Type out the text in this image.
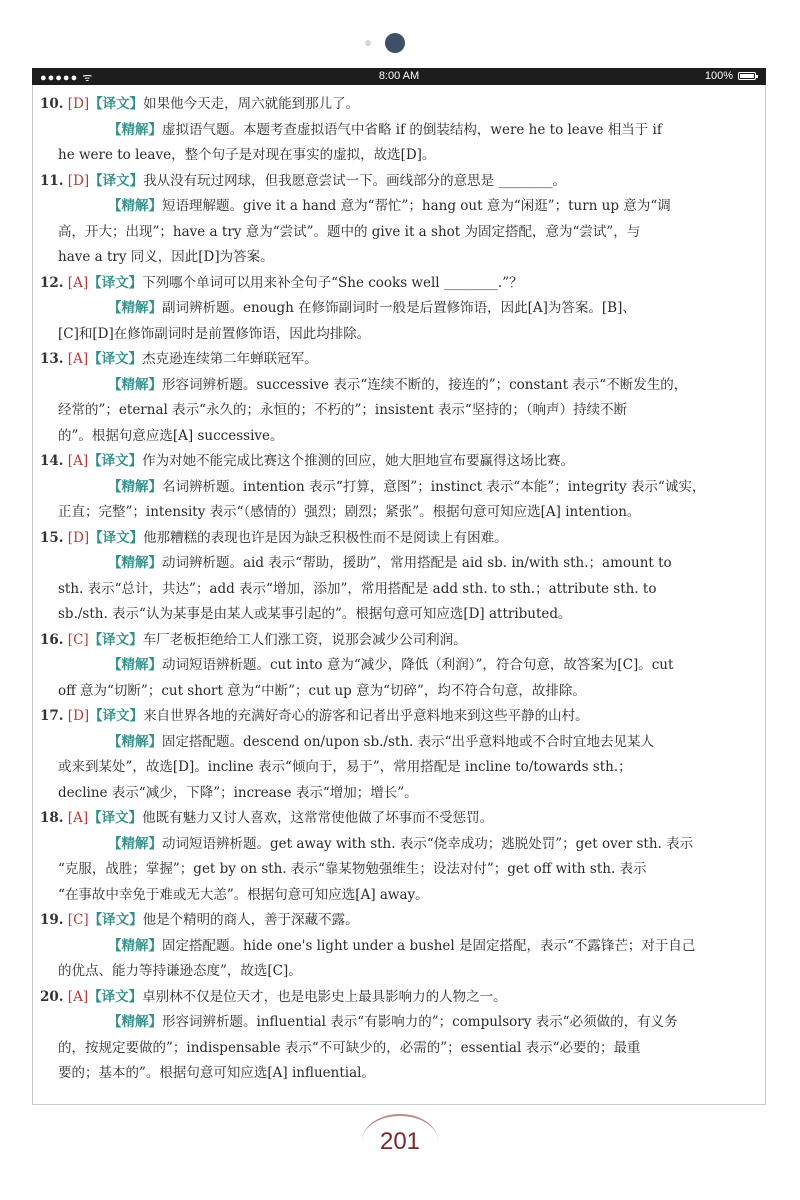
●●●●● ᯤ	8:00 AM	100%
10. [D]【译文】如果他今天走，周六就能到那儿了。
【精解】虚拟语气题。本题考查虚拟语气中省略 if 的倒装结构，were he to leave 相当于 if
he were to leave，整个句子是对现在事实的虚拟，故选[D]。
11. [D]【译文】我从没有玩过网球，但我愿意尝试一下。画线部分的意思是 ________。
【精解】短语理解题。give it a hand 意为“帮忙”；hang out 意为“闲逛”；turn up 意为“调
高，开大；出现”；have a try 意为“尝试”。题中的 give it a shot 为固定搭配，意为“尝试”，与
have a try 同义，因此[D]为答案。
12. [A]【译文】下列哪个单词可以用来补全句子“She cooks well ________.”？
【精解】副词辨析题。enough 在修饰副词时一般是后置修饰语，因此[A]为答案。[B]、
[C]和[D]在修饰副词时是前置修饰语，因此均排除。
13. [A]【译文】杰克逊连续第二年蝉联冠军。
【精解】形容词辨析题。successive 表示“连续不断的，接连的”；constant 表示“不断发生的，
经常的”；eternal 表示“永久的；永恒的；不朽的”；insistent 表示“坚持的；（响声）持续不断
的”。根据句意应选[A] successive。
14. [A]【译文】作为对她不能完成比赛这个推测的回应，她大胆地宣布要赢得这场比赛。
【精解】名词辨析题。intention 表示“打算，意图”；instinct 表示“本能”；integrity 表示“诚实，
正直；完整”；intensity 表示“（感情的）强烈；剧烈；紧张”。根据句意可知应选[A] intention。
15. [D]【译文】他那糟糕的表现也许是因为缺乏积极性而不是阅读上有困难。
【精解】动词辨析题。aid 表示“帮助，援助”，常用搭配是 aid sb. in/with sth.；amount to
sth. 表示“总计，共达”；add 表示“增加，添加”，常用搭配是 add sth. to sth.；attribute sth. to
sb./sth. 表示“认为某事是由某人或某事引起的”。根据句意可知应选[D] attributed。
16. [C]【译文】车厂老板拒绝给工人们涨工资，说那会减少公司利润。
【精解】动词短语辨析题。cut into 意为“减少，降低（利润）”，符合句意，故答案为[C]。cut
off 意为“切断”；cut short 意为“中断”；cut up 意为“切碎”，均不符合句意，故排除。
17. [D]【译文】来自世界各地的充满好奇心的游客和记者出乎意料地来到这些平静的山村。
【精解】固定搭配题。descend on/upon sb./sth. 表示“出乎意料地或不合时宜地去见某人
或来到某处”，故选[D]。incline 表示“倾向于，易于”，常用搭配是 incline to/towards sth.；
decline 表示“减少，下降”；increase 表示“增加；增长”。
18. [A]【译文】他既有魅力又讨人喜欢，这常常使他做了坏事而不受惩罚。
【精解】动词短语辨析题。get away with sth. 表示“侥幸成功；逃脱处罚”；get over sth. 表示
“克服，战胜；掌握”；get by on sth. 表示“靠某物勉强维生；设法对付”；get off with sth. 表示
“在事故中幸免于难或无大恙”。根据句意可知应选[A] away。
19. [C]【译文】他是个精明的商人，善于深藏不露。
【精解】固定搭配题。hide one's light under a bushel 是固定搭配，表示“不露锋芒；对于自己
的优点、能力等持谦逊态度”，故选[C]。
20. [A]【译文】卓别林不仅是位天才，也是电影史上最具影响力的人物之一。
【精解】形容词辨析题。influential 表示“有影响力的”；compulsory 表示“必须做的，有义务
的，按规定要做的”；indispensable 表示“不可缺少的，必需的”；essential 表示“必要的；最重
要的；基本的”。根据句意可知应选[A] influential。
201
